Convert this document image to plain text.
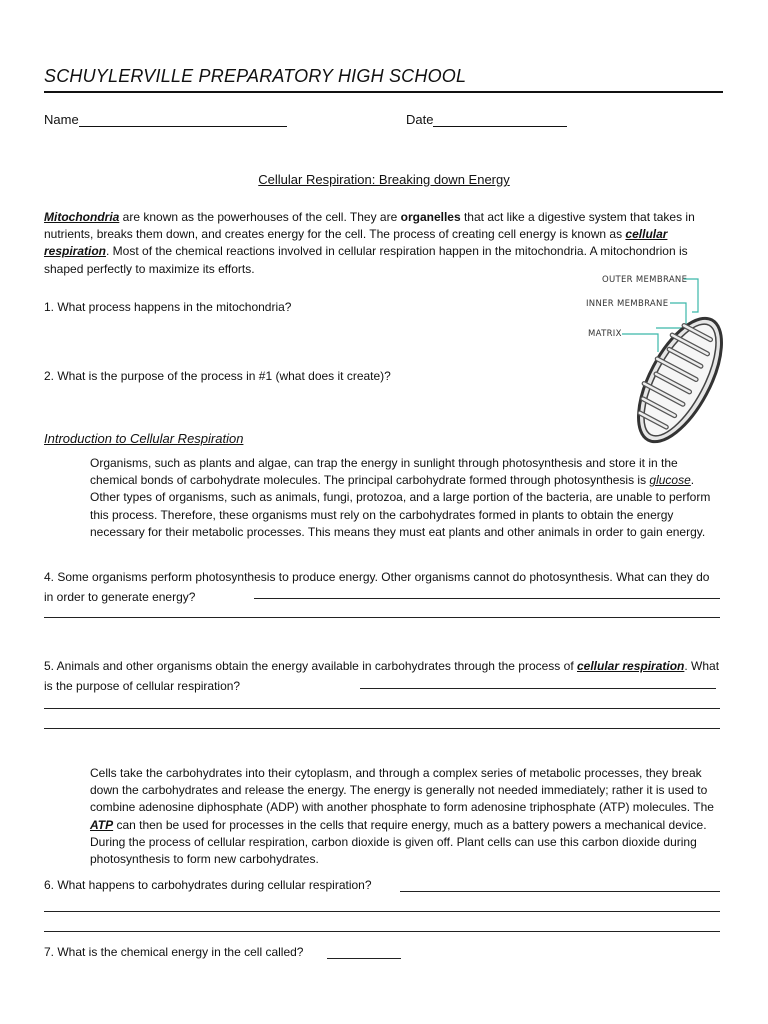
SCHUYLERVILLE PREPARATORY HIGH SCHOOL
Name	Date
Cellular Respiration: Breaking down Energy
Mitochondria are known as the powerhouses of the cell. They are organelles that act like a digestive system that takes in nutrients, breaks them down, and creates energy for the cell. The process of creating cell energy is known as cellular respiration. Most of the chemical reactions involved in cellular respiration happen in the mitochondria. A mitochondrion is shaped perfectly to maximize its efforts.
OUTER MEMBRANE
INNER MEMBRANE
MATRIX
1. What process happens in the mitochondria?
2. What is the purpose of the process in #1 (what does it create)?
Introduction to Cellular Respiration
Organisms, such as plants and algae, can trap the energy in sunlight through photosynthesis and store it in the chemical bonds of carbohydrate molecules. The principal carbohydrate formed through photosynthesis is glucose. Other types of organisms, such as animals, fungi, protozoa, and a large portion of the bacteria, are unable to perform this process. Therefore, these organisms must rely on the carbohydrates formed in plants to obtain the energy necessary for their metabolic processes. This means they must eat plants and other animals in order to gain energy.
4. Some organisms perform photosynthesis to produce energy. Other organisms cannot do photosynthesis. What can they do in order to generate energy?
5. Animals and other organisms obtain the energy available in carbohydrates through the process of cellular respiration. What is the purpose of cellular respiration?
Cells take the carbohydrates into their cytoplasm, and through a complex series of metabolic processes, they break down the carbohydrates and release the energy. The energy is generally not needed immediately; rather it is used to combine adenosine diphosphate (ADP) with another phosphate to form adenosine triphosphate (ATP) molecules. The ATP can then be used for processes in the cells that require energy, much as a battery powers a mechanical device. During the process of cellular respiration, carbon dioxide is given off. Plant cells can use this carbon dioxide during photosynthesis to form new carbohydrates.
6. What happens to carbohydrates during cellular respiration?
7. What is the chemical energy in the cell called?
